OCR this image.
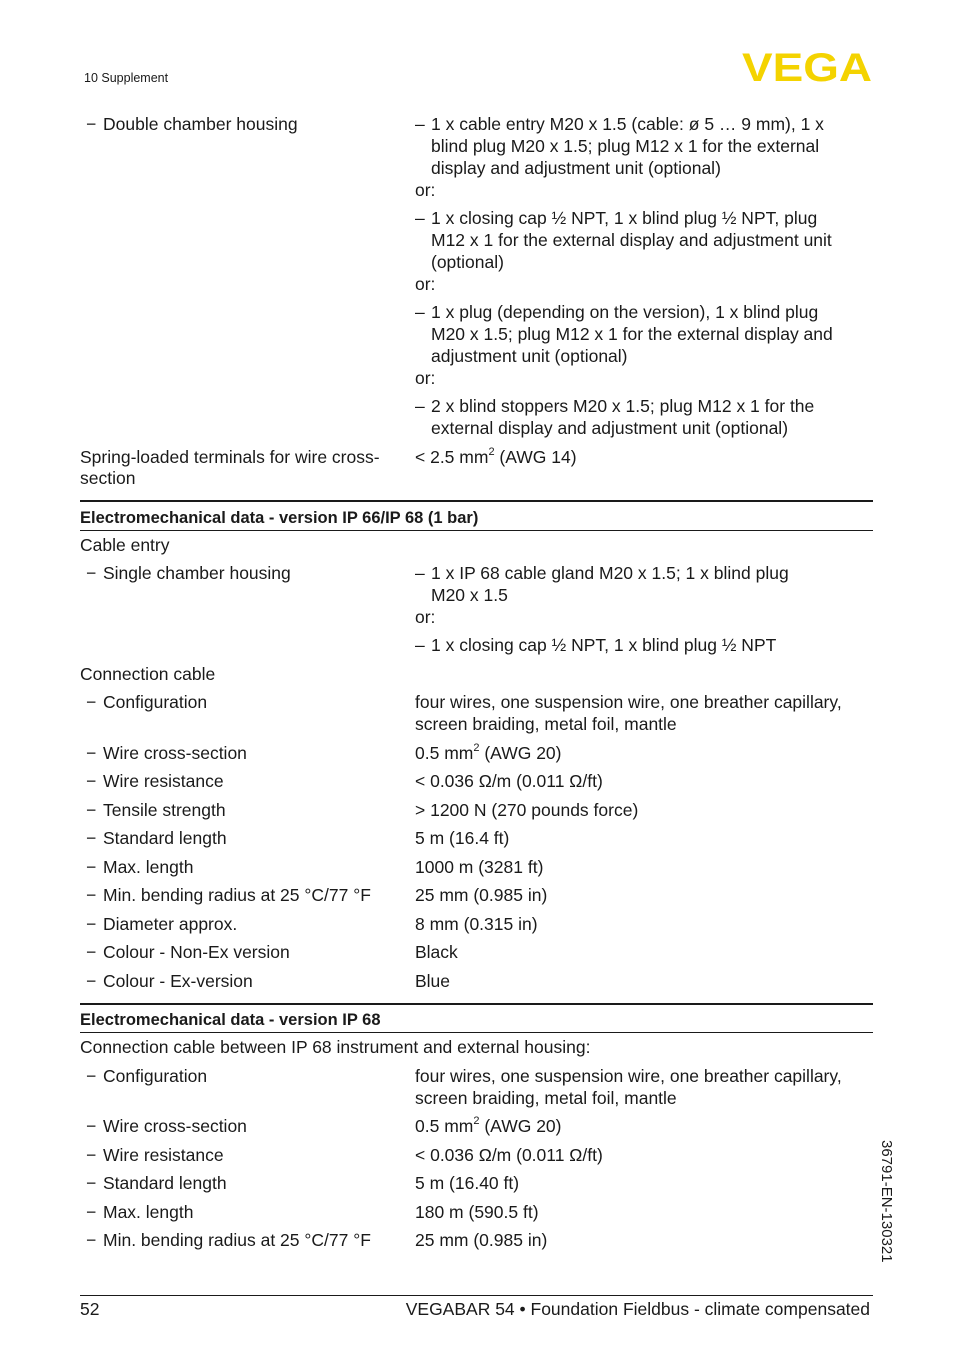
10 Supplement	VEGA
− Double chamber housing	– 1 x cable entry M20 x 1.5 (cable: ø 5 … 9 mm), 1 x
blind plug M20 x 1.5; plug M12 x 1 for the external
display and adjustment unit (optional)
or:
– 1 x closing cap ½ NPT, 1 x blind plug ½ NPT, plug
M12 x 1 for the external display and adjustment unit
(optional)
or:
– 1 x plug (depending on the version), 1 x blind plug
M20 x 1.5; plug M12 x 1 for the external display and
adjustment unit (optional)
or:
– 2 x blind stoppers M20 x 1.5; plug M12 x 1 for the
external display and adjustment unit (optional)
Spring-loaded terminals for wire cross-
section
< 2.5 $mm^2$ (AWG 14)
Electromechanical data - version IP 66/IP 68 (1 bar)
Cable entry
− Single chamber housing	– 1 x IP 68 cable gland M20 x 1.5; 1 x blind plug
M20 x 1.5
or:
– 1 x closing cap ½ NPT, 1 x blind plug ½ NPT
Connection cable
− Configuration	four wires, one suspension wire, one breather capillary,
screen braiding, metal foil, mantle
− Wire cross-section	0.5 $mm^2$ (AWG 20)
− Wire resistance	< 0.036 Ω/m (0.011 Ω/ft)
− Tensile strength	> 1200 N (270 pounds force)
− Standard length	5 m (16.4 ft)
− Max. length	1000 m (3281 ft)
− Min. bending radius at 25 °C/77 °F	25 mm (0.985 in)
− Diameter approx.	8 mm (0.315 in)
− Colour - Non-Ex version	Black
− Colour - Ex-version	Blue
Electromechanical data - version IP 68
Connection cable between IP 68 instrument and external housing:
− Configuration	four wires, one suspension wire, one breather capillary,
screen braiding, metal foil, mantle
− Wire cross-section	0.5 $mm^2$ (AWG 20)
− Wire resistance	< 0.036 Ω/m (0.011 Ω/ft)
− Standard length	5 m (16.40 ft)
− Max. length	180 m (590.5 ft)
− Min. bending radius at 25 °C/77 °F	25 mm (0.985 in)	36791-EN-130321
52	VEGABAR 54 • Foundation Fieldbus - climate compensated
